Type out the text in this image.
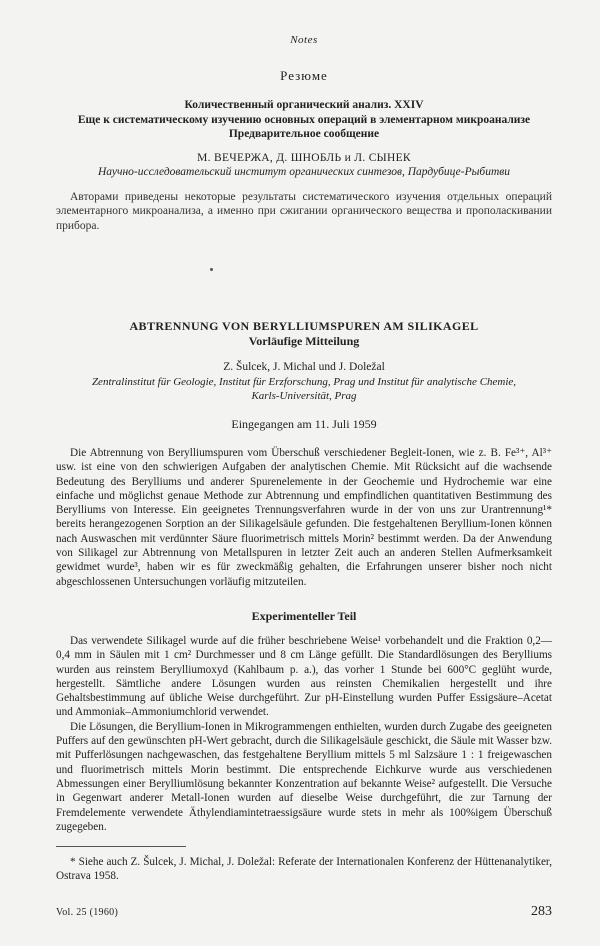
Notes
Резюме
Количественный органический анализ. XXIV
Еще к систематическому изучению основных операций в элементарном микроанализе
Предварительное сообщение
М. ВЕЧЕРЖА, Д. ШНОБЛЬ и Л. СЫНЕК
Научно-исследовательский институт органических синтезов, Пардубице-Рыбитви

Авторами приведены некоторые результаты систематического изучения отдельных операций элементарного микроанализа, а именно при сжигании органического вещества и прополаскивании прибора.

ABTRENNUNG VON BERYLLIUMSPUREN AM SILIKAGEL
Vorläufige Mitteilung
Z. Šulcek, J. Michal und J. Doležal
Zentralinstitut für Geologie, Institut für Erzforschung, Prag und Institut für analytische Chemie,
Karls-Universität, Prag
Eingegangen am 11. Juli 1959

Die Abtrennung von Berylliumspuren vom Überschuß verschiedener Begleit-Ionen, wie z. B. Fe³⁺, Al³⁺ usw. ist eine von den schwierigen Aufgaben der analytischen Chemie. Mit Rücksicht auf die wachsende Bedeutung des Berylliums und anderer Spurenelemente in der Geochemie und Hydrochemie war eine einfache und möglichst genaue Methode zur Abtrennung und empfindlichen quantitativen Bestimmung des Berylliums von Interesse. Ein geeignetes Trennungsverfahren wurde in der von uns zur Urantrennung¹* bereits herangezogenen Sorption an der Silikagelsäule gefunden. Die festgehaltenen Beryllium-Ionen können nach Auswaschen mit verdünnter Säure fluorimetrisch mittels Morin² bestimmt werden. Da der Anwendung von Silikagel zur Abtrennung von Metallspuren in letzter Zeit auch an anderen Stellen Aufmerksamkeit gewidmet wurde³, haben wir es für zweckmäßig gehalten, die Erfahrungen unserer bisher noch nicht abgeschlossenen Untersuchungen vorläufig mitzuteilen.

Experimenteller Teil

Das verwendete Silikagel wurde auf die früher beschriebene Weise¹ vorbehandelt und die Fraktion 0,2—0,4 mm in Säulen mit 1 cm² Durchmesser und 8 cm Länge gefüllt. Die Standardlösungen des Berylliums wurden aus reinstem Berylliumoxyd (Kahlbaum p. a.), das vorher 1 Stunde bei 600°C geglüht wurde, hergestellt. Sämtliche andere Lösungen wurden aus reinsten Chemikalien hergestellt und ihre Gehaltsbestimmung auf übliche Weise durchgeführt. Zur pH-Einstellung wurden Puffer Essigsäure–Acetat und Ammoniak–Ammoniumchlorid verwendet.

Die Lösungen, die Beryllium-Ionen in Mikrogrammengen enthielten, wurden durch Zugabe des geeigneten Puffers auf den gewünschten pH-Wert gebracht, durch die Silikagelsäule geschickt, die Säule mit Wasser bzw. mit Pufferlösungen nachgewaschen, das festgehaltene Beryllium mittels 5 ml Salzsäure 1 : 1 freigewaschen und fluorimetrisch mittels Morin bestimmt. Die entsprechende Eichkurve wurde aus verschiedenen Abmessungen einer Berylliumlösung bekannter Konzentration auf bekannte Weise² aufgestellt. Die Versuche in Gegenwart anderer Metall-Ionen wurden auf dieselbe Weise durchgeführt, die zur Tarnung der Fremdelemente verwendete Äthylendiamintetraessigsäure wurde stets in mehr als 100%igem Überschuß zugegeben.

* Siehe auch Z. Šulcek, J. Michal, J. Doležal: Referate der Internationalen Konferenz der Hüttenanalytiker, Ostrava 1958.

Vol. 25 (1960)	283
